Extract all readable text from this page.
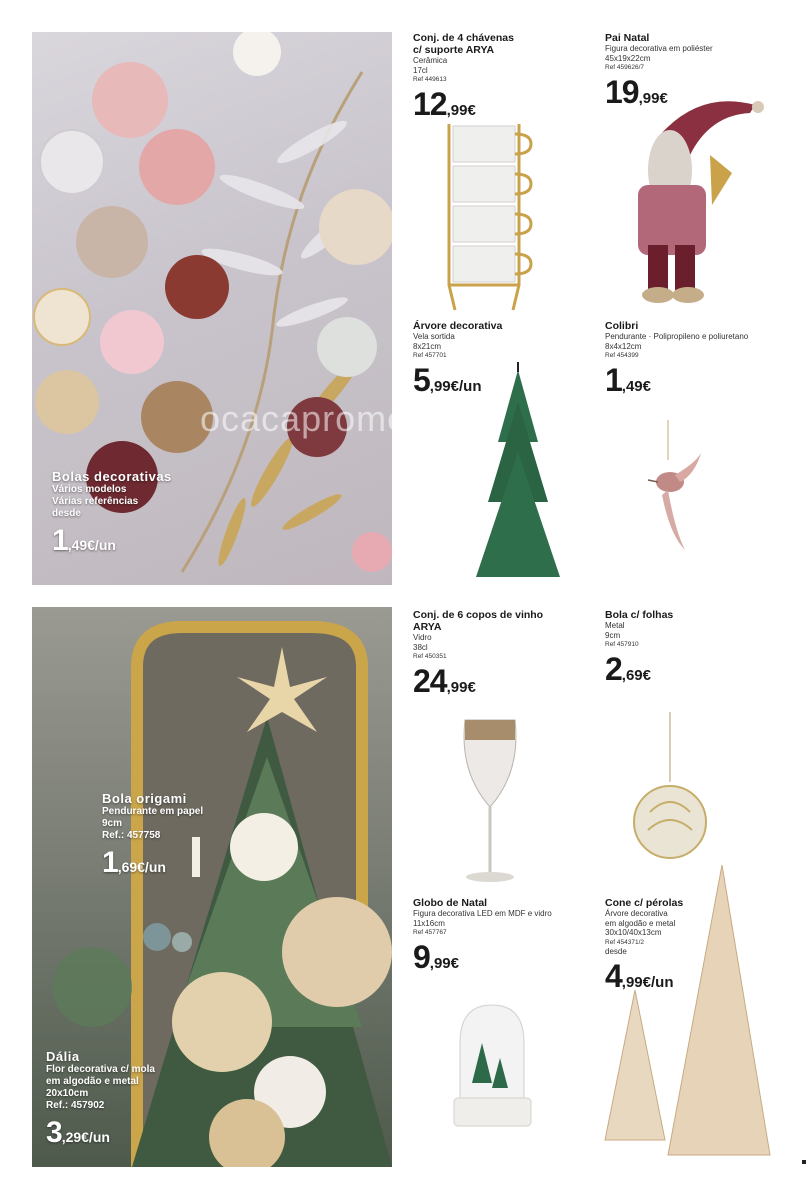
Bolas decorativas
Vários modelos
Várias referências
desde
1,49€/un
ocacaprome
Bola origami
Pendurante em papel
9cm
Ref.: 457758
1,69€/un
Dália
Flor decorativa c/ mola
em algodão e metal
20x10cm
Ref.: 457902
3,29€/un
Conj. de 4 chávenas
c/ suporte ARYA
Cerâmica
17cl
Ref 449613
12,99€
Pai Natal
Figura decorativa em poliéster
45x19x22cm
Ref 459626/7
19,99€
Árvore decorativa
Vela sortida
8x21cm
Ref 457701
5,99€/un
Colibri
Pendurante · Polipropileno e poliuretano
8x4x12cm
Ref 454399
1,49€
Conj. de 6 copos de vinho
ARYA
Vidro
38cl
Ref 450351
24,99€
Bola c/ folhas
Metal
9cm
Ref 457910
2,69€
Globo de Natal
Figura decorativa LED em MDF e vidro
11x16cm
Ref 457767
9,99€
Cone c/ pérolas
Árvore decorativa
em algodão e metal
30x10/40x13cm
Ref 454371/2
desde
4,99€/un
